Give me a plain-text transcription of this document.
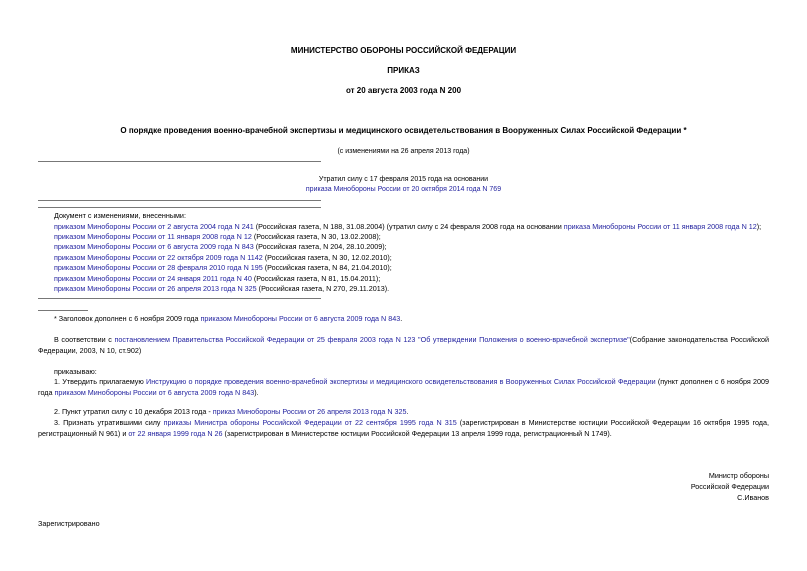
МИНИСТЕРСТВО ОБОРОНЫ РОССИЙСКОЙ ФЕДЕРАЦИИ
ПРИКАЗ
от 20 августа 2003 года N 200
О порядке проведения военно-врачебной экспертизы и медицинского освидетельствования в Вооруженных Силах Российской Федерации *
(с изменениями на 26 апреля 2013 года)
Утратил силу с 17 февраля 2015 года на основании
приказа Минобороны России от 20 октября 2014 года N 769
Документ с изменениями, внесенными:
приказом Минобороны России от 2 августа 2004 года N 241 (Российская газета, N 188, 31.08.2004) (утратил силу с 24 февраля 2008 года на основании приказа Минобороны России от 11 января 2008 года N 12);
приказом Минобороны России от 11 января 2008 года N 12 (Российская газета, N 30, 13.02.2008);
приказом Минобороны России от 6 августа 2009 года N 843 (Российская газета, N 204, 28.10.2009);
приказом Минобороны России от 22 октября 2009 года N 1142 (Российская газета, N 30, 12.02.2010);
приказом Минобороны России от 28 февраля 2010 года N 195 (Российская газета, N 84, 21.04.2010);
приказом Минобороны России от 24 января 2011 года N 40 (Российская газета, N 81, 15.04.2011);
приказом Минобороны России от 26 апреля 2013 года N 325 (Российская газета, N 270, 29.11.2013).
* Заголовок дополнен с 6 ноября 2009 года приказом Минобороны России от 6 августа 2009 года N 843.
В соответствии с постановлением Правительства Российской Федерации от 25 февраля 2003 года N 123 "Об утверждении Положения о военно-врачебной экспертизе"(Собрание законодательства Российской Федерации, 2003, N 10, ст.902)
приказываю:
1. Утвердить прилагаемую Инструкцию о порядке проведения военно-врачебной экспертизы и медицинского освидетельствования в Вооруженных Силах Российской Федерации (пункт дополнен с 6 ноября 2009 года приказом Минобороны России от 6 августа 2009 года N 843).
2. Пункт утратил силу с 10 декабря 2013 года - приказ Минобороны России от 26 апреля 2013 года N 325.
3. Признать утратившими силу приказы Министра обороны Российской Федерации от 22 сентября 1995 года N 315 (зарегистрирован в Министерстве юстиции Российской Федерации 16 октября 1995 года, регистрационный N 961) и от 22 января 1999 года N 26 (зарегистрирован в Министерстве юстиции Российской Федерации 13 апреля 1999 года, регистрационный N 1749).
Министр обороны
Российской Федерации
С.Иванов
Зарегистрировано
